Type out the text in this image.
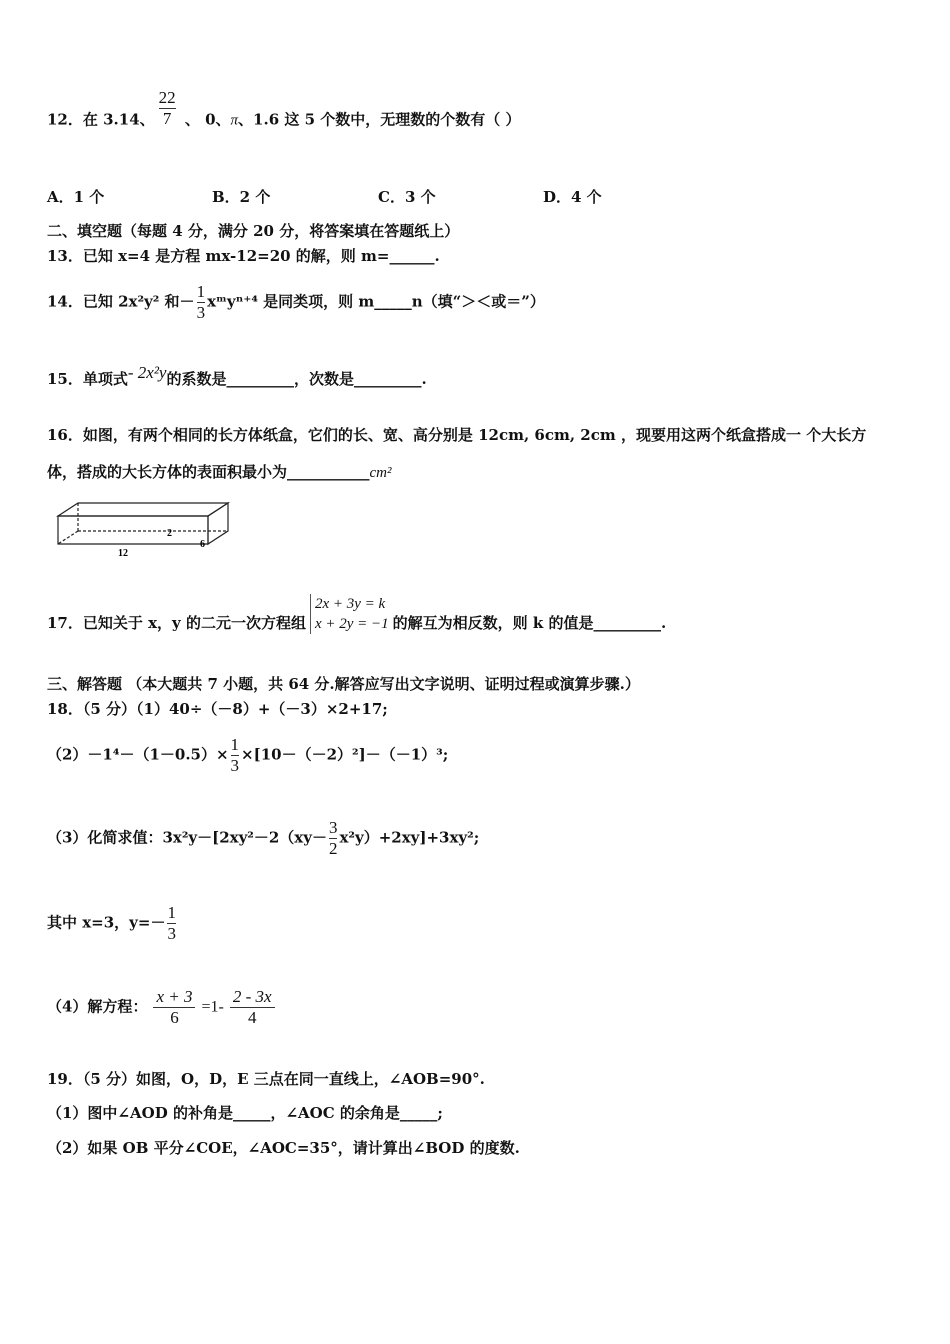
12．在 3.14、 $\frac{22}{7}$ 、 0、π、1.6 这 5 个数中，无理数的个数有（ ）
A．1 个	B．2 个	C．3 个	D．4 个
二、填空题（每题 4 分，满分 20 分，将答案填在答题纸上）
13．已知 x=4 是方程 mx-12=20 的解，则 m=______.
14．已知 2x²y² 和－ $\frac{1}{3}$ xᵐyⁿ⁺⁴ 是同类项，则 m_____n（填“＞＜或＝”）
15．单项式- 2x²y的系数是_________，次数是_________.
16．如图，有两个相同的长方体纸盒，它们的长、宽、高分别是 12cm, 6cm, 2cm ，现要用这两个纸盒搭成一 个大长方
体，搭成的大长方体的表面积最小为___________cm²
12
2
6
17．已知关于 x，y 的二元一次方程组
2x + 3y = k
x + 2y = −1 的解互为相反数，则 k 的值是_________.
三、解答题 （本大题共 7 小题，共 64 分.解答应写出文字说明、证明过程或演算步骤.）
18．（5 分）（1）40÷（－8）+（－3）×2+17;
$(2)-1^4-(1-0.5)\times \frac{1}{3} \times[10-(-2)^2]-(-1)^3$;
（3）化简求值：$3x^2y-[2xy^2-2(xy- \frac{3}{2} x^2y)+2xy]+3xy^2$;
其中 x=3，$y=- \frac{1}{3}$
（4）解方程： $\frac{x + 3}{6} =1- \frac{2 - 3x}{4}$
19．（5 分）如图，O，D，E 三点在同一直线上，∠AOB=90°.
（1）图中∠AOD 的补角是_____，∠AOC 的余角是_____;
（2）如果 OB 平分∠COE，∠AOC=35°，请计算出∠BOD 的度数.
